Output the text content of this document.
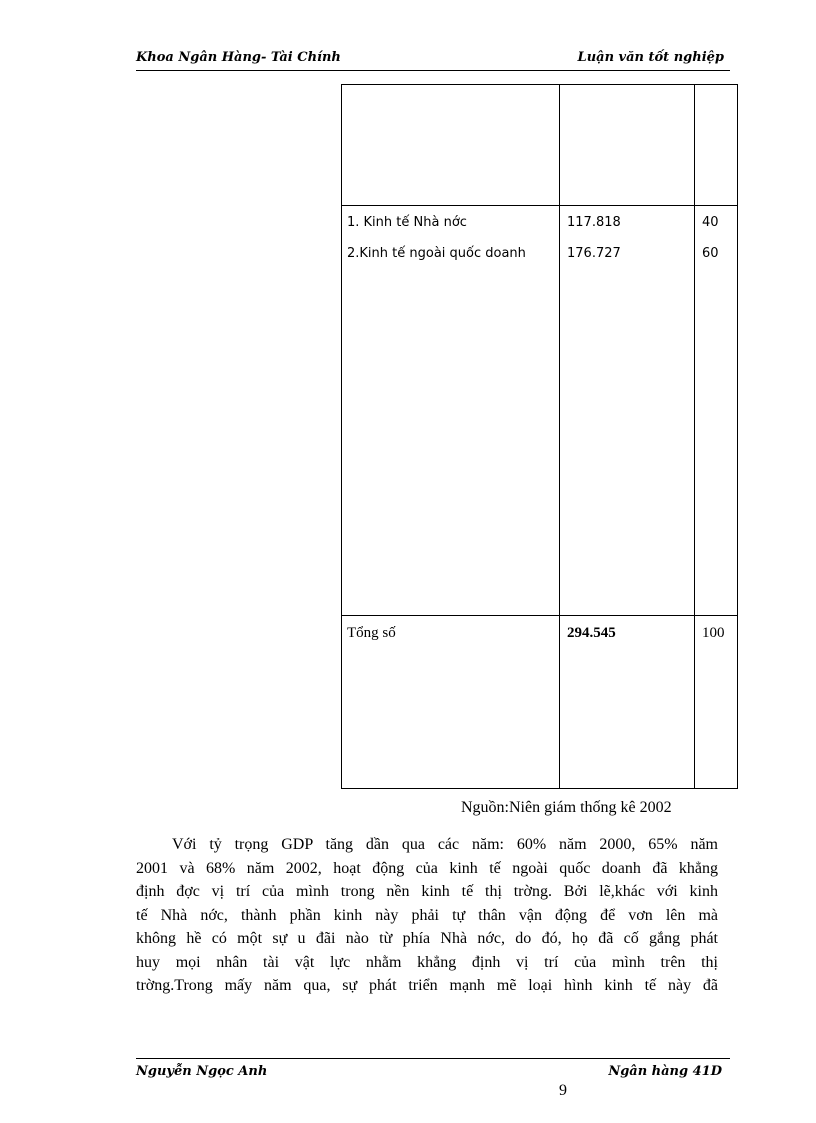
Khoa Ngân Hàng- Tài Chính	Luận văn tốt nghiệp
1. Kinh tế Nhà nớc	117.818	40
2.Kinh tế ngoài quốc doanh	176.727	60
Tổng số	294.545	100
Nguồn:Niên giám thống kê 2002
Với tỷ trọng GDP tăng dần qua các năm: 60% năm 2000, 65% năm
2001 và 68% năm 2002, hoạt động của kinh tế ngoài quốc doanh đã khẳng
định đợc vị trí của mình trong nền kinh tế thị trờng. Bởi lẽ,khác với kinh
tế Nhà nớc, thành phần kinh này phải tự thân vận động để vơn lên mà
không hề có một sự u đãi nào từ phía Nhà nớc, do đó, họ đã cố gắng phát
huy mọi nhân tài vật lực nhằm khẳng định vị trí của mình trên thị
trờng.Trong mấy năm qua, sự phát triển mạnh mẽ loại hình kinh tế này đã
Nguyễn Ngọc Anh	Ngân hàng 41D
9
